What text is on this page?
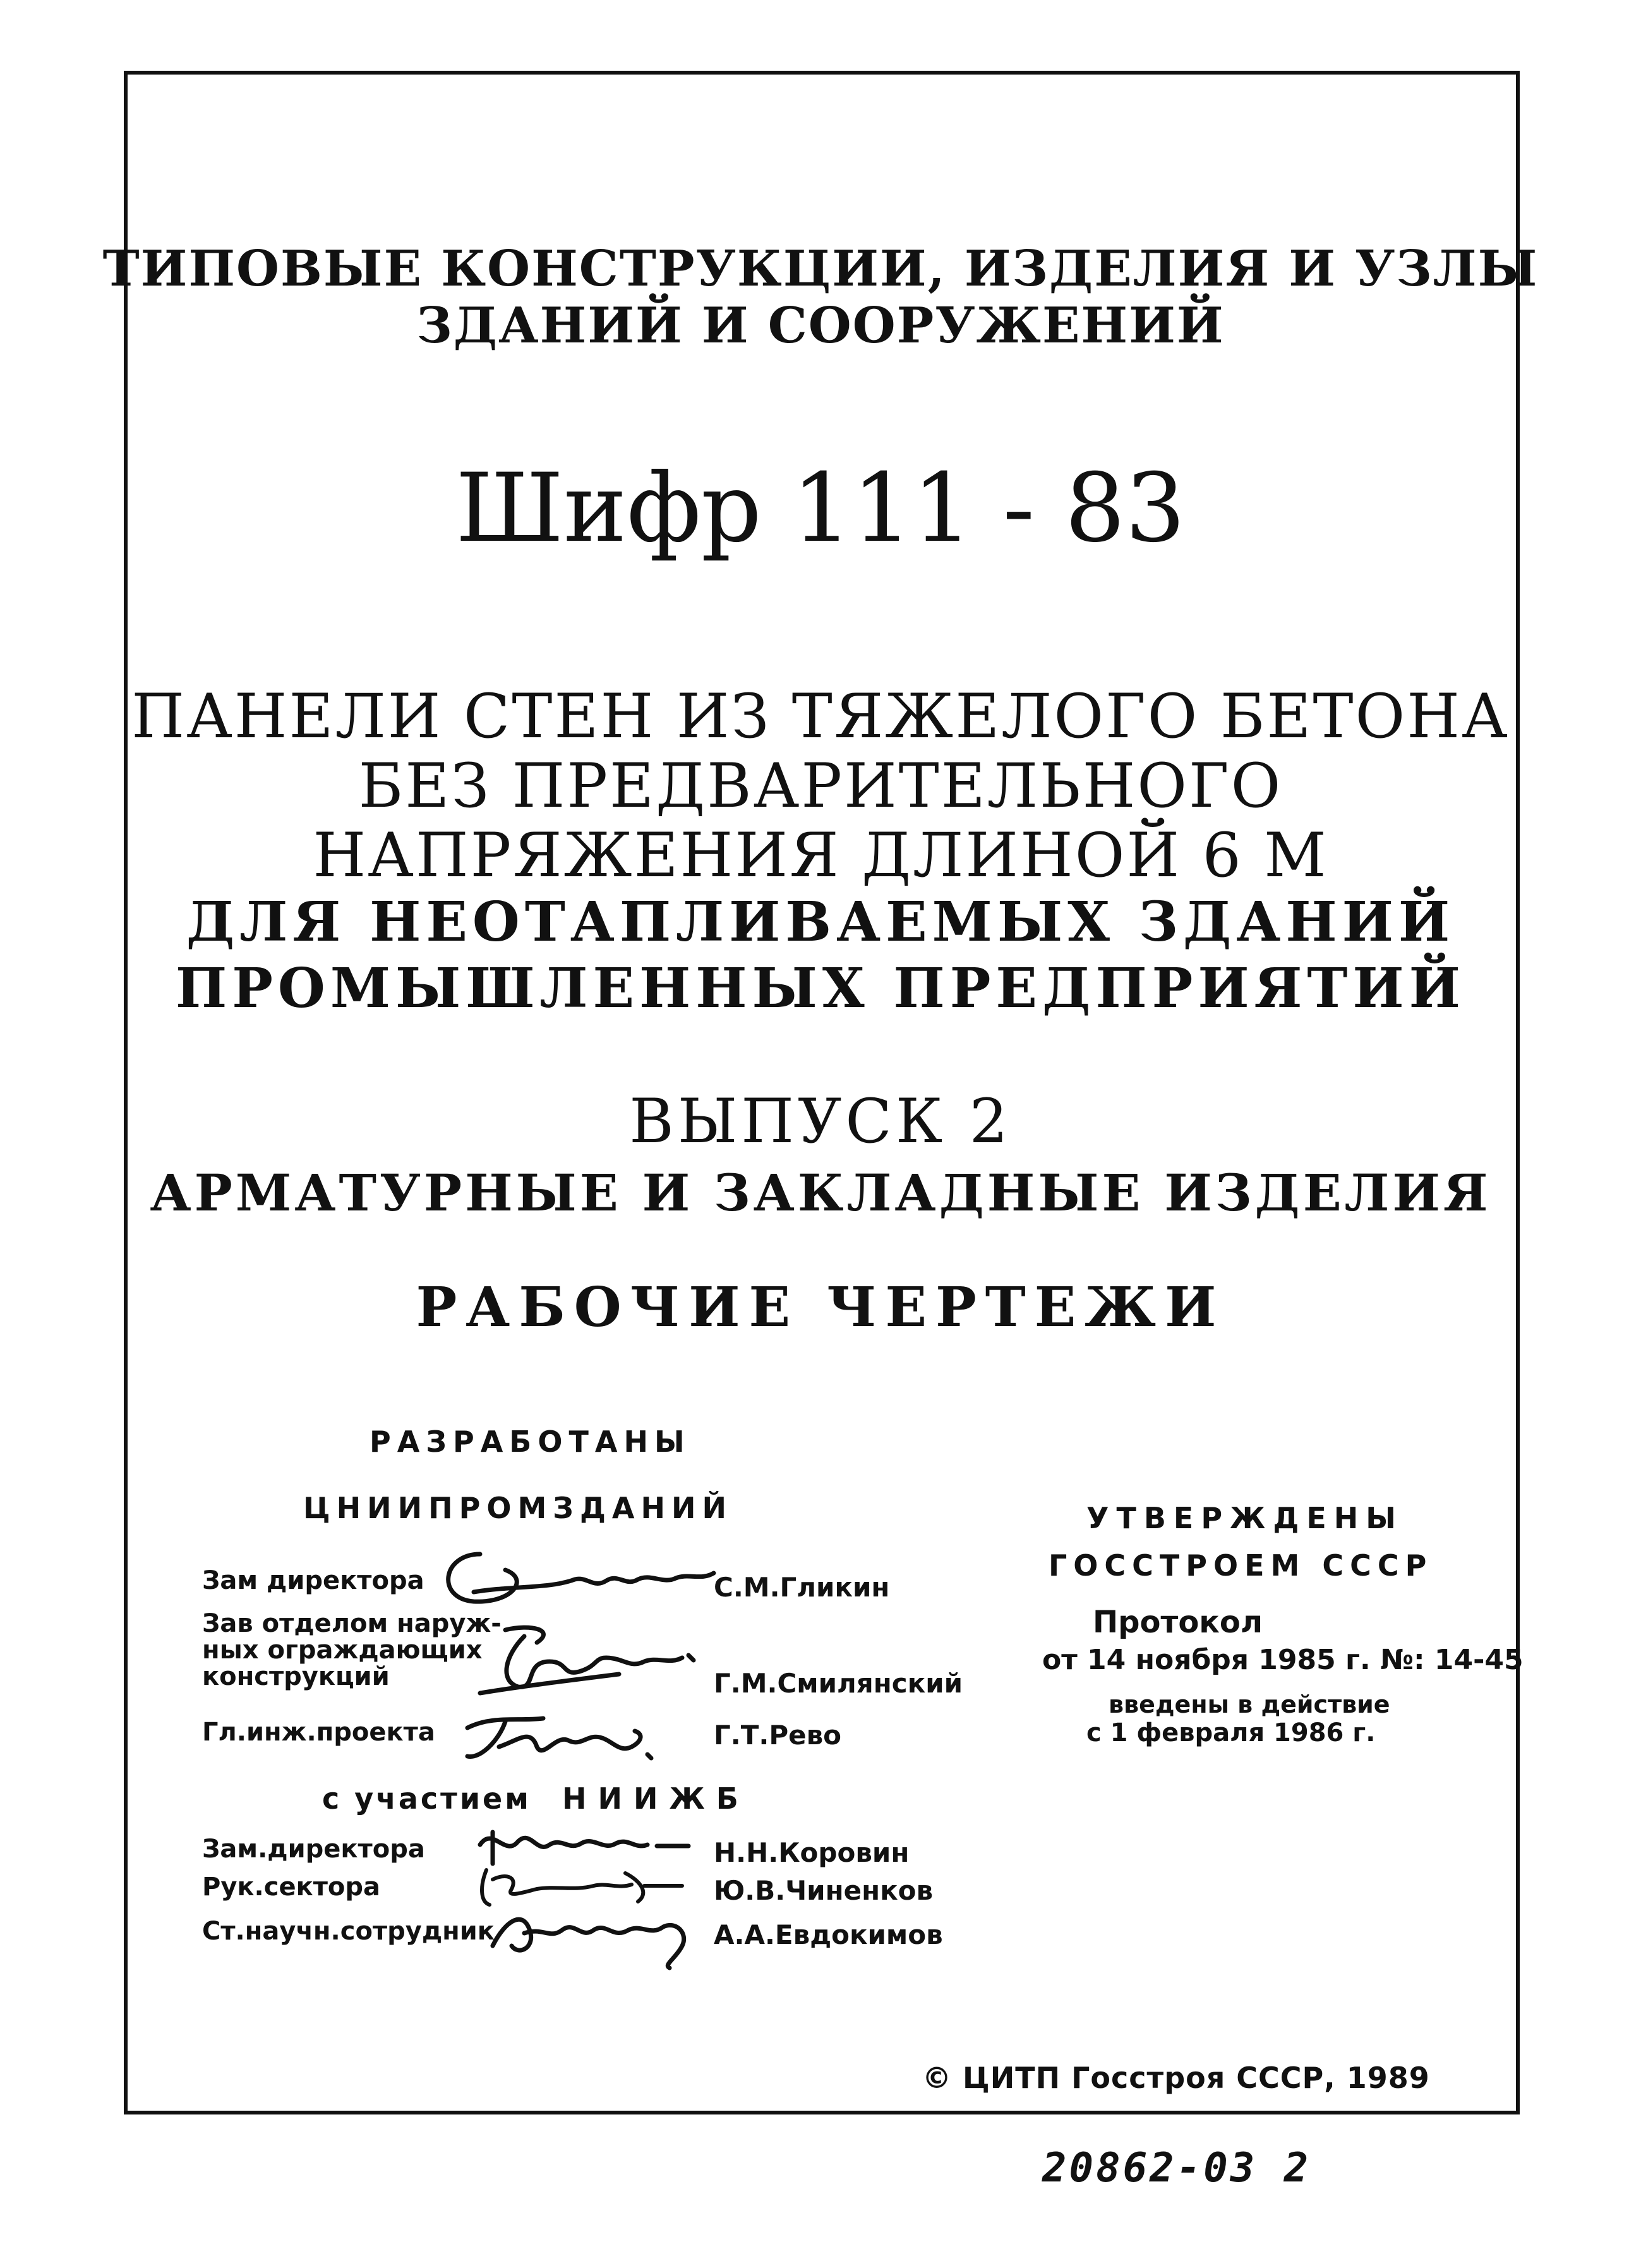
ТИПОВЫЕ КОНСТРУКЦИИ, ИЗДЕЛИЯ И УЗЛЫ
ЗДАНИЙ И СООРУЖЕНИЙ
Шифр 111 - 83
ПАНЕЛИ СТЕН ИЗ ТЯЖЕЛОГО БЕТОНА
БЕЗ ПРЕДВАРИТЕЛЬНОГО
НАПРЯЖЕНИЯ ДЛИНОЙ 6 М
ДЛЯ НЕОТАПЛИВАЕМЫХ ЗДАНИЙ
ПРОМЫШЛЕННЫХ ПРЕДПРИЯТИЙ
ВЫПУСК 2
АРМАТУРНЫЕ И ЗАКЛАДНЫЕ ИЗДЕЛИЯ
РАБОЧИЕ ЧЕРТЕЖИ
РАЗРАБОТАНЫ
ЦНИИПРОМЗДАНИЙ
Зам директора
Зав отделом наруж-
ных ограждающих
конструкций
Гл.инж.проекта
С.М.Гликин
Г.М.Смилянский
Г.Т.Рево
с участием НИИЖБ
Зам.директора
Рук.сектора
Ст.научн.сотрудник
Н.Н.Коровин
Ю.В.Чиненков
А.А.Евдокимов
УТВЕРЖДЕНЫ
ГОССТРОЕМ СССР
Протокол
от 14 ноября 1985 г. №: 14-45
введены в действие
с 1 февраля 1986 г.
© ЦИТП Госстроя СССР, 1989
20862-03 2
